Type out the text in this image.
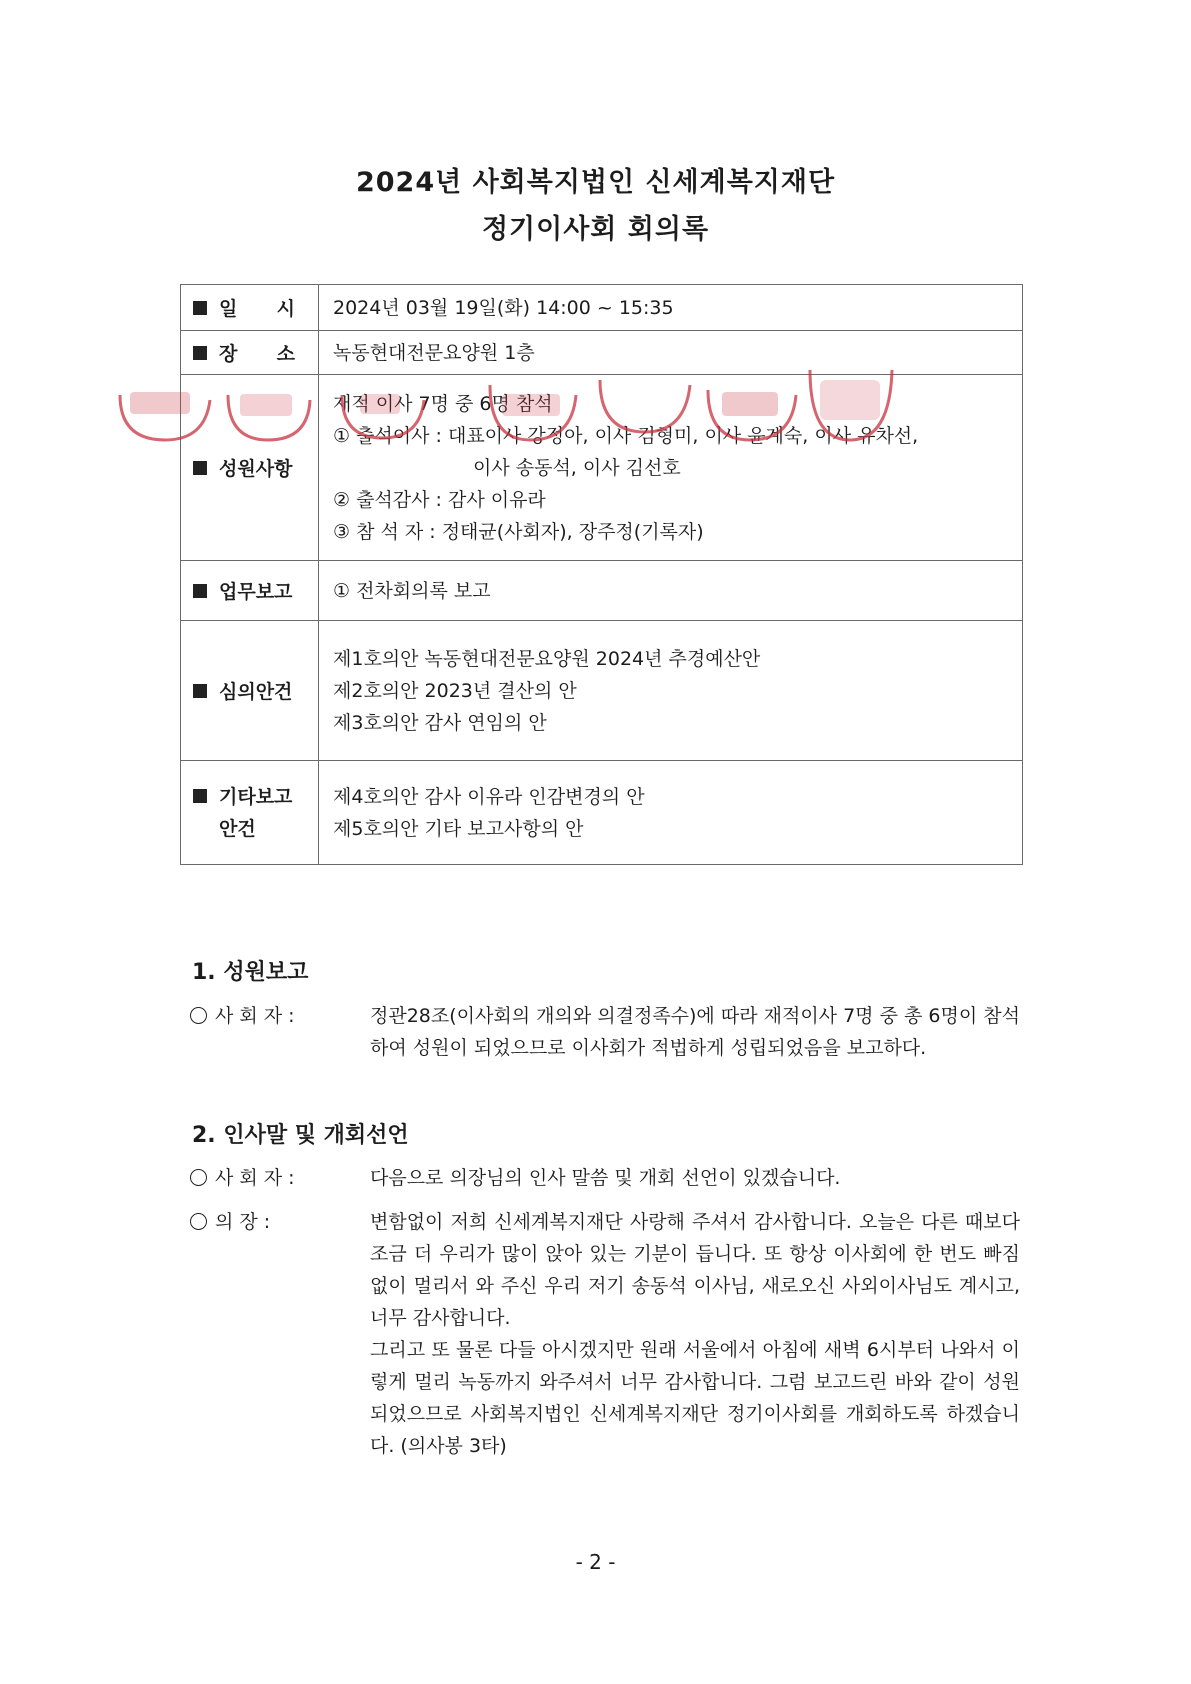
2024년 사회복지법인 신세계복지재단
정기이사회 회의록
일 시	2024년 03월 19일(화) 14:00 ~ 15:35

장 소	녹동현대전문요양원 1층

성원사항	재적 이사 7명 중 6명 참석
① 출석이사 : 대표이사 강정아, 이사 김형미, 이사 윤계숙, 이사 유차선,
이사 송동석, 이사 김선호
② 출석감사 : 감사 이유라
③ 참 석 자 : 정태균(사회자), 장주정(기록자)

업무보고	① 전차회의록 보고

심의안건	제1호의안 녹동현대전문요양원 2024년 추경예산안
제2호의안 2023년 결산의 안
제3호의안 감사 연임의 안

기타보고
안건	제4호의안 감사 이유라 인감변경의 안
제5호의안 기타 보고사항의 안
1. 성원보고
사 회 자 :	정관28조(이사회의 개의와 의결정족수)에 따라 재적이사 7명 중 총 6명이 참석하여 성원이 되었으므로 이사회가 적법하게 성립되었음을 보고하다.
2. 인사말 및 개회선언
사 회 자 :	다음으로 의장님의 인사 말씀 및 개회 선언이 있겠습니다.
의 장 :	변함없이 저희 신세계복지재단 사랑해 주셔서 감사합니다. 오늘은 다른 때보다 조금 더 우리가 많이 앉아 있는 기분이 듭니다. 또 항상 이사회에 한 번도 빠짐없이 멀리서 와 주신 우리 저기 송동석 이사님, 새로오신 사외이사님도 계시고, 너무 감사합니다.
그리고 또 물론 다들 아시겠지만 원래 서울에서 아침에 새벽 6시부터 나와서 이렇게 멀리 녹동까지 와주셔서 너무 감사합니다. 그럼 보고드린 바와 같이 성원되었으므로 사회복지법인 신세계복지재단 정기이사회를 개회하도록 하겠습니다. (의사봉 3타)
- 2 -
